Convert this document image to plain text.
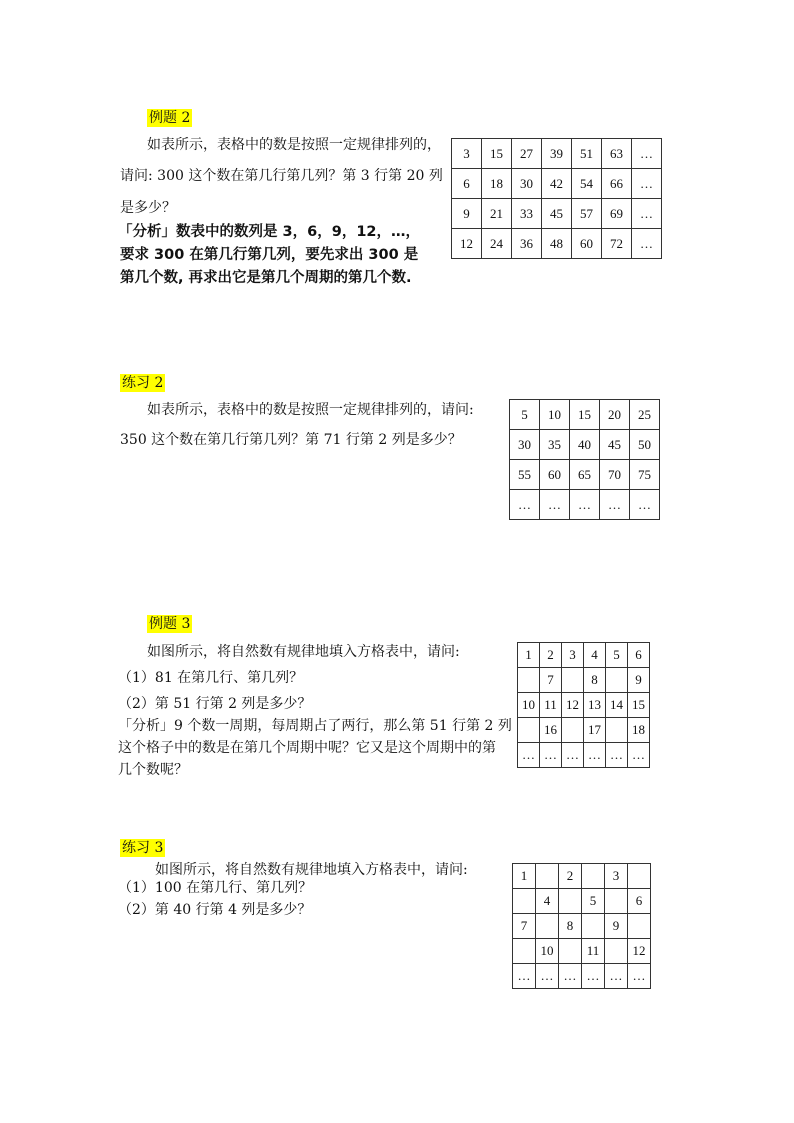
例题 2
如表所示，表格中的数是按照一定规律排列的，
请问: 300 这个数在第几行第几列？第 3 行第 20 列
是多少？
「分析」数表中的数列是 3，6，9，12，…，
要求 300 在第几行第几列，要先求出 300 是
第几个数, 再求出它是第几个周期的第几个数.
3	15	27	39	51	63	…
6	18	30	42	54	66	…
9	21	33	45	57	69	…
12	24	36	48	60	72	…
练习 2
如表所示，表格中的数是按照一定规律排列的，请问:
350 这个数在第几行第几列？第 71 行第 2 列是多少？
5	10	15	20	25
30	35	40	45	50
55	60	65	70	75
…	…	…	…	…
例题 3
如图所示，将自然数有规律地填入方格表中，请问:
（1）81 在第几行、第几列？
（2）第 51 行第 2 列是多少？
「分析」9 个数一周期，每周期占了两行，那么第 51 行第 2 列
这个格子中的数是在第几个周期中呢？它又是这个周期中的第
几个数呢？
1	2	3	4	5	6
	7		8		9
10	11	12	13	14	15
	16		17		18
…	…	…	…	…	…
练习 3
如图所示，将自然数有规律地填入方格表中，请问:
（1）100 在第几行、第几列？
（2）第 40 行第 4 列是多少？
1		2		3	
	4		5		6
7		8		9	
	10		11		12
…	…	…	…	…	…
